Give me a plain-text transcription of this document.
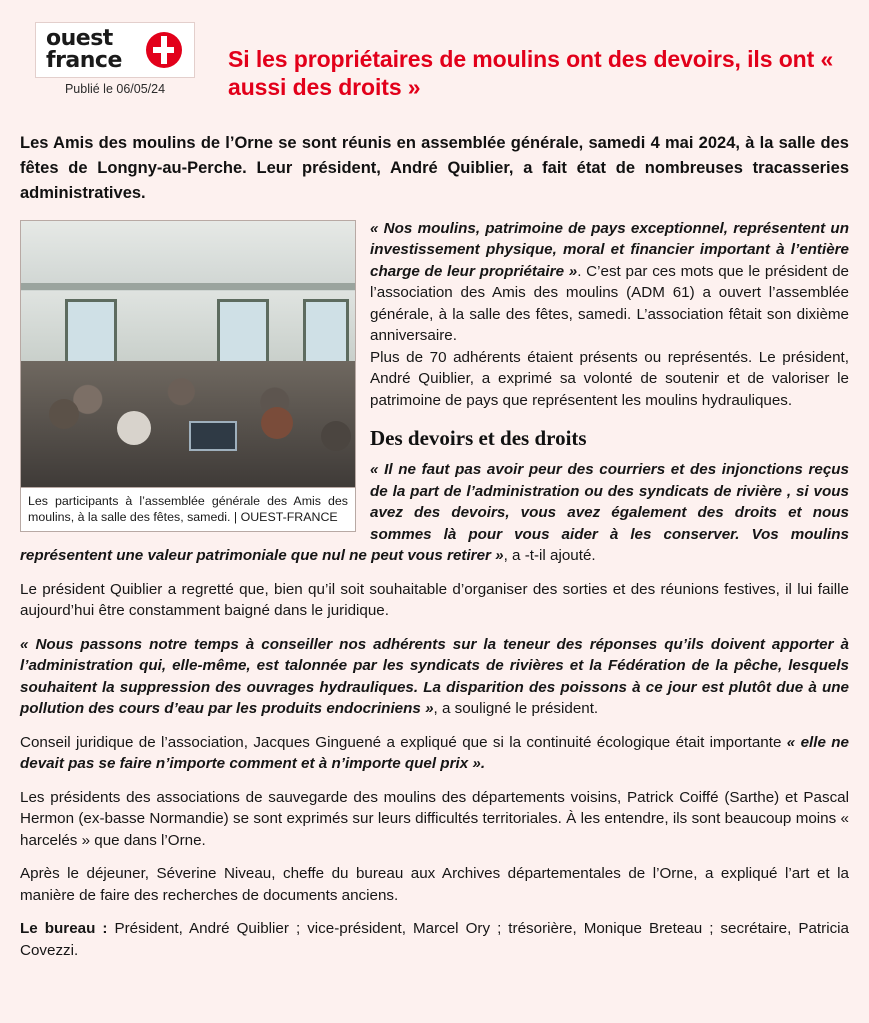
ouest
france
Publié le 06/05/24
Si les propriétaires de moulins ont des devoirs, ils ont « aussi des droits »
Les Amis des moulins de l’Orne se sont réunis en assemblée générale, samedi 4 mai 2024, à la salle des fêtes de Longny-au-Perche. Leur président, André Quiblier, a fait état de nombreuses tracasseries administratives.
Les participants à l’assemblée générale des Amis des moulins, à la salle des fêtes, samedi. | OUEST-FRANCE

« Nos moulins, patrimoine de pays exceptionnel, représentent un investissement physique, moral et financier important à l’entière charge de leur propriétaire ». C’est par ces mots que le président de l’association des Amis des moulins (ADM 61) a ouvert l’assemblée générale, à la salle des fêtes, samedi. L’association fêtait son dixième anniversaire.

Plus de 70 adhérents étaient présents ou représentés. Le président, André Quiblier, a exprimé sa volonté de soutenir et de valoriser le patrimoine de pays que représentent les moulins hydrauliques.

Des devoirs et des droits

« Il ne faut pas avoir peur des courriers et des injonctions reçus de la part de l’administration ou des syndicats de rivière , si vous avez des devoirs, vous avez également des droits et nous sommes là pour vous aider à les conserver. Vos moulins représentent une valeur patrimoniale que nul ne peut vous retirer », a -t-il ajouté.

Le président Quiblier a regretté que, bien qu’il soit souhaitable d’organiser des sorties et des réunions festives, il lui faille aujourd’hui être constamment baigné dans le juridique.

« Nous passons notre temps à conseiller nos adhérents sur la teneur des réponses qu’ils doivent apporter à l’administration qui, elle-même, est talonnée par les syndicats de rivières et la Fédération de la pêche, lesquels souhaitent la suppression des ouvrages hydrauliques. La disparition des poissons à ce jour est plutôt due à une pollution des cours d’eau par les produits endocriniens », a souligné le président.

Conseil juridique de l’association, Jacques Ginguené a expliqué que si la continuité écologique était importante « elle ne devait pas se faire n’importe comment et à n’importe quel prix ».

Les présidents des associations de sauvegarde des moulins des départements voisins, Patrick Coiffé (Sarthe) et Pascal Hermon (ex-basse Normandie) se sont exprimés sur leurs difficultés territoriales. À les entendre, ils sont beaucoup moins « harcelés » que dans l’Orne.

Après le déjeuner, Séverine Niveau, cheffe du bureau aux Archives départementales de l’Orne, a expliqué l’art et la manière de faire des recherches de documents anciens.

Le bureau : Président, André Quiblier ; vice-président, Marcel Ory ; trésorière, Monique Breteau ; secrétaire, Patricia Covezzi.
